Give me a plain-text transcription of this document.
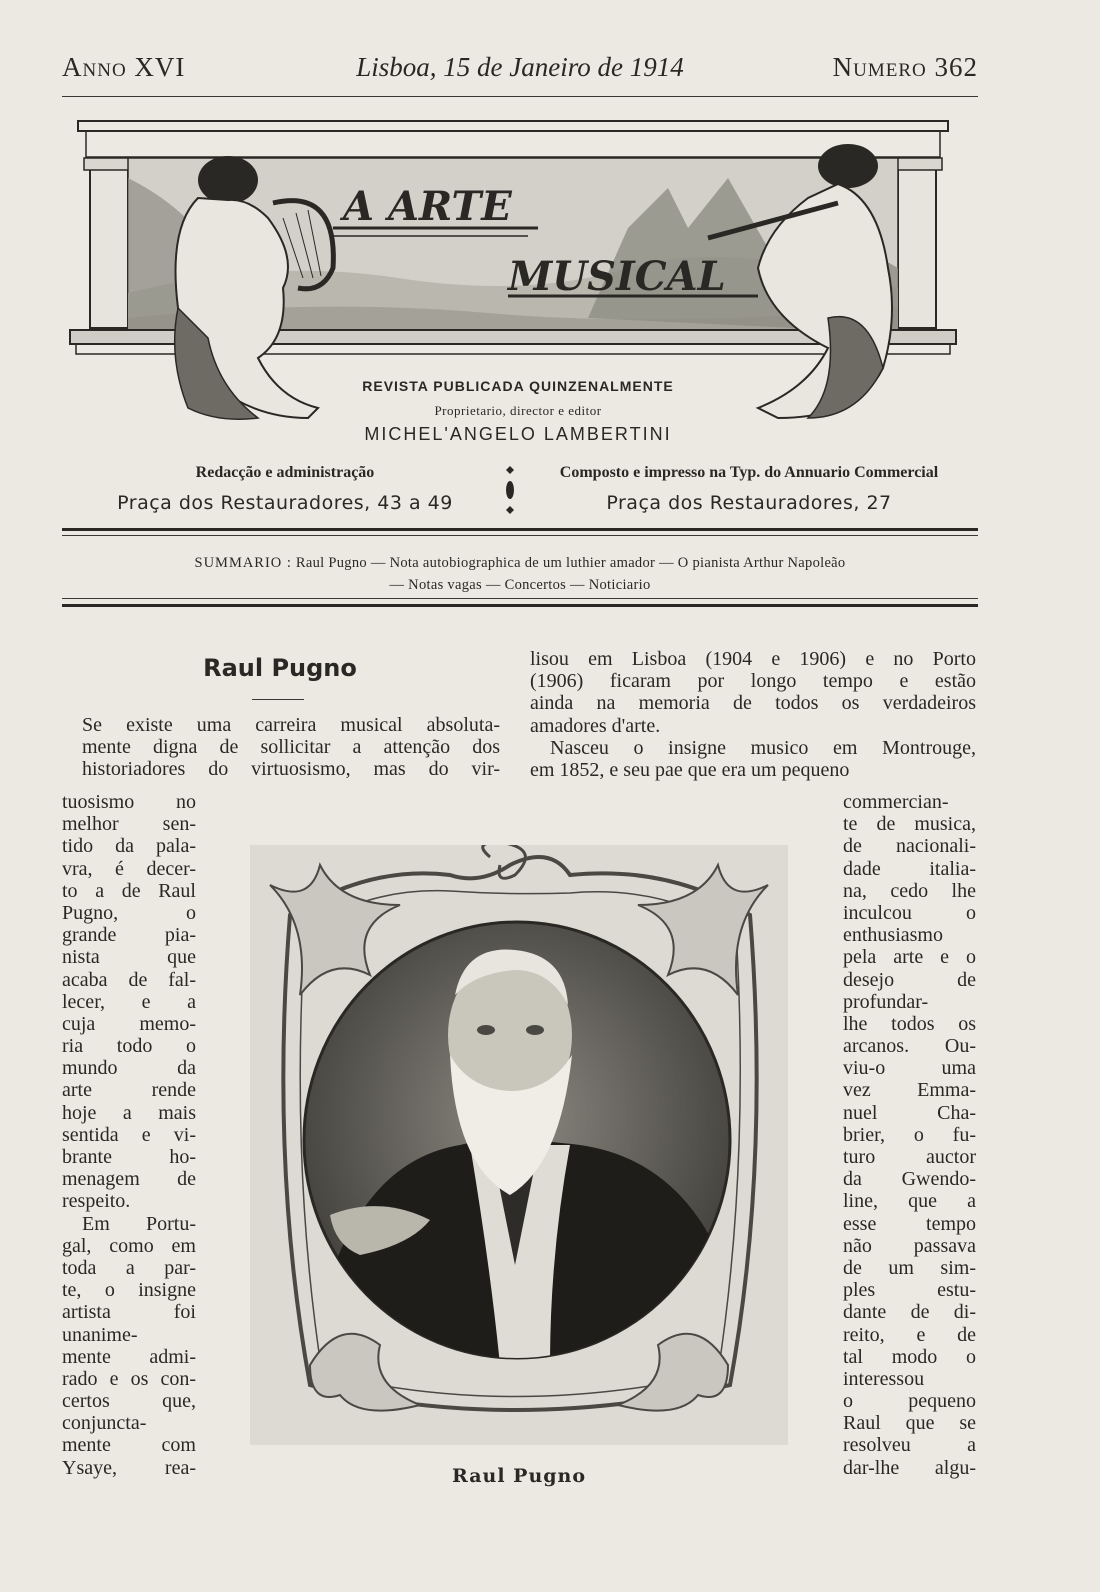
Anno XVI	Lisboa, 15 de Janeiro de 1914	Numero 362
A ARTE
MUSICAL
REVISTA PUBLICADA QUINZENALMENTE
Proprietario, director e editor
MICHEL'ANGELO LAMBERTINI
Redacção e administração
Praça dos Restauradores, 43 a 49
Composto e impresso na Typ. do Annuario Commercial
Praça dos Restauradores, 27
SUMMARIO : Raul Pugno — Nota autobiographica de um luthier amador — O pianista Arthur Napoleão
— Notas vagas — Concertos — Noticiario
Raul Pugno
Se existe uma carreira musical absoluta-
mente digna de sollicitar a attenção dos
historiadores do virtuosismo, mas do vir-
tuosismo no
melhor sen-
tido da pala-
vra, é decer-
to a de Raul
Pugno, o
grande pia-
nista que
acaba de fal-
lecer, e a
cuja memo-
ria todo o
mundo da
arte rende
hoje a mais
sentida e vi-
brante ho-
menagem de
respeito.
Em Portu-
gal, como em
toda a par-
te, o insigne
artista foi
unanime-
mente admi-
rado e os con-
certos que,
conjuncta-
mente com
Ysaye, rea-
lisou em Lisboa (1904 e 1906) e no Porto
(1906) ficaram por longo tempo e estão
ainda na memoria de todos os verdadeiros
amadores d'arte.
Nasceu o insigne musico em Montrouge,
em 1852, e seu pae que era um pequeno
commercian-
te de musica,
de nacionali-
dade italia-
na, cedo lhe
inculcou o
enthusiasmo
pela arte e o
desejo de
profundar-
lhe todos os
arcanos. Ou-
viu-o uma
vez Emma-
nuel Cha-
brier, o fu-
turo auctor
da Gwendo-
line, que a
esse tempo
não passava
de um sim-
ples estu-
dante de di-
reito, e de
tal modo o
interessou
o pequeno
Raul que se
resolveu a
dar-lhe algu-
Raul Pugno
